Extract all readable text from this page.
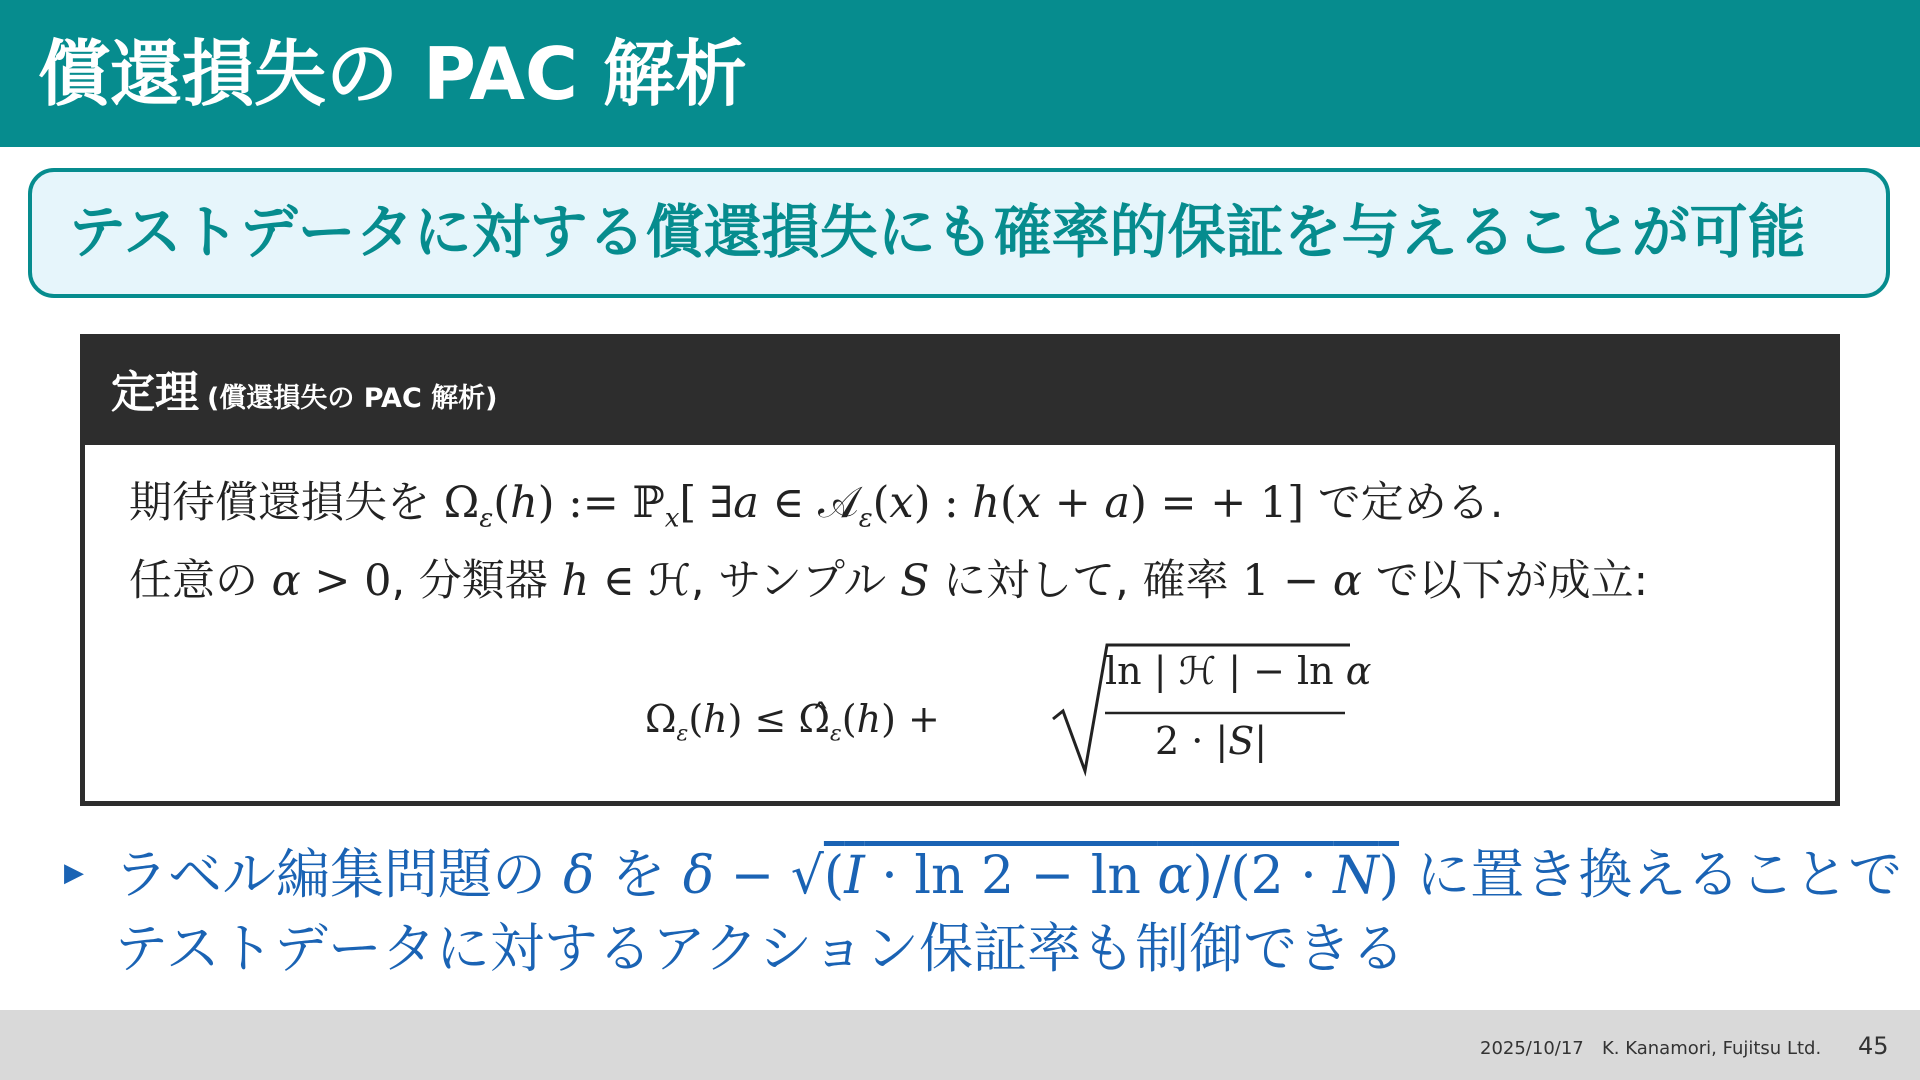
償還損失の PAC 解析
テストデータに対する償還損失にも確率的保証を与えることが可能
定理 (償還損失の PAC 解析)
期待償還損失を $\Omega_\varepsilon(h)$ := ℙ$_x$[ ∃a ∈ 𝒜$_\varepsilon$(x) : h(x + a) = + 1] で定める.
任意の α > 0, 分類器 h ∈ ℋ, サンプル S に対して, 確率 1 − α で以下が成立:
$\Omega_\varepsilon(h)$ ≤ $\Omegâ_\varepsilon(h)$ +
ln | ℋ | − ln α
2 · |S|
▶ ラベル編集問題の δ を δ − √(I · ln 2 − ln α)/(2 · N) に置き換えることで
テストデータに対するアクション保証率も制御できる
2025/10/17 K. Kanamori, Fujitsu Ltd. 45
